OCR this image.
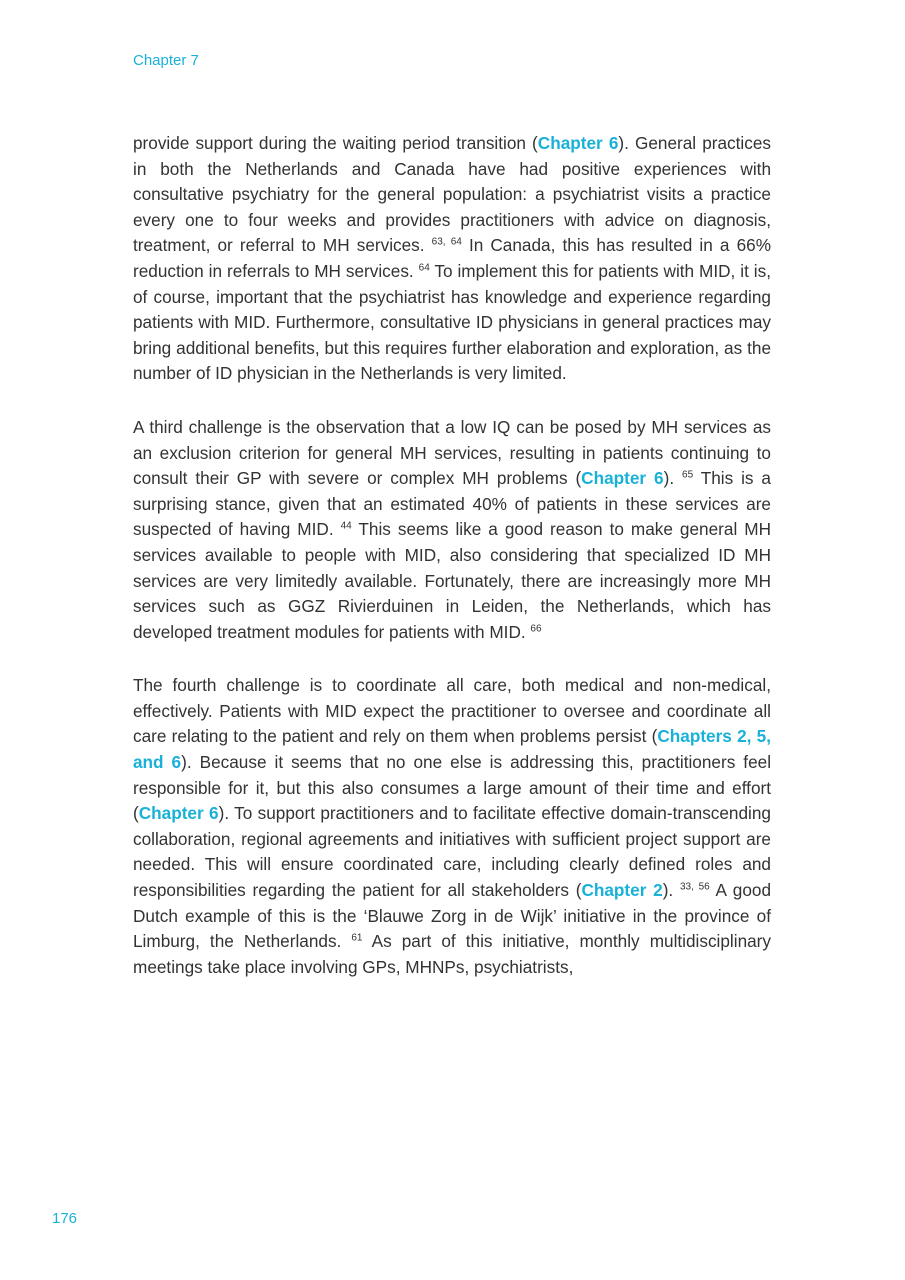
Chapter 7

provide support during the waiting period transition (Chapter 6). General practices in both the Netherlands and Canada have had positive experiences with consultative psychiatry for the general population: a psychiatrist visits a practice every one to four weeks and provides practitioners with advice on diagnosis, treatment, or referral to MH services. $^{63, 64}$ In Canada, this has resulted in a 66% reduction in referrals to MH services. $^{64}$ To implement this for patients with MID, it is, of course, important that the psychiatrist has knowledge and experience regarding patients with MID. Furthermore, consultative ID physicians in general practices may bring additional benefits, but this requires further elaboration and exploration, as the number of ID physician in the Netherlands is very limited.

A third challenge is the observation that a low IQ can be posed by MH services as an exclusion criterion for general MH services, resulting in patients continuing to consult their GP with severe or complex MH problems (Chapter 6). $^{65}$ This is a surprising stance, given that an estimated 40% of patients in these services are suspected of having MID. $^{44}$ This seems like a good reason to make general MH services available to people with MID, also considering that specialized ID MH services are very limitedly available. Fortunately, there are increasingly more MH services such as GGZ Rivierduinen in Leiden, the Netherlands, which has developed treatment modules for patients with MID. $^{66}$

The fourth challenge is to coordinate all care, both medical and non-medical, effectively. Patients with MID expect the practitioner to oversee and coordinate all care relating to the patient and rely on them when problems persist (Chapters 2, 5, and 6). Because it seems that no one else is addressing this, practitioners feel responsible for it, but this also consumes a large amount of their time and effort (Chapter 6). To support practitioners and to facilitate effective domain-transcending collaboration, regional agreements and initiatives with sufficient project support are needed. This will ensure coordinated care, including clearly defined roles and responsibilities regarding the patient for all stakeholders (Chapter 2). $^{33, 56}$ A good Dutch example of this is the ‘Blauwe Zorg in de Wijk’ initiative in the province of Limburg, the Netherlands. $^{61}$ As part of this initiative, monthly multidisciplinary meetings take place involving GPs, MHNPs, psychiatrists,

176
